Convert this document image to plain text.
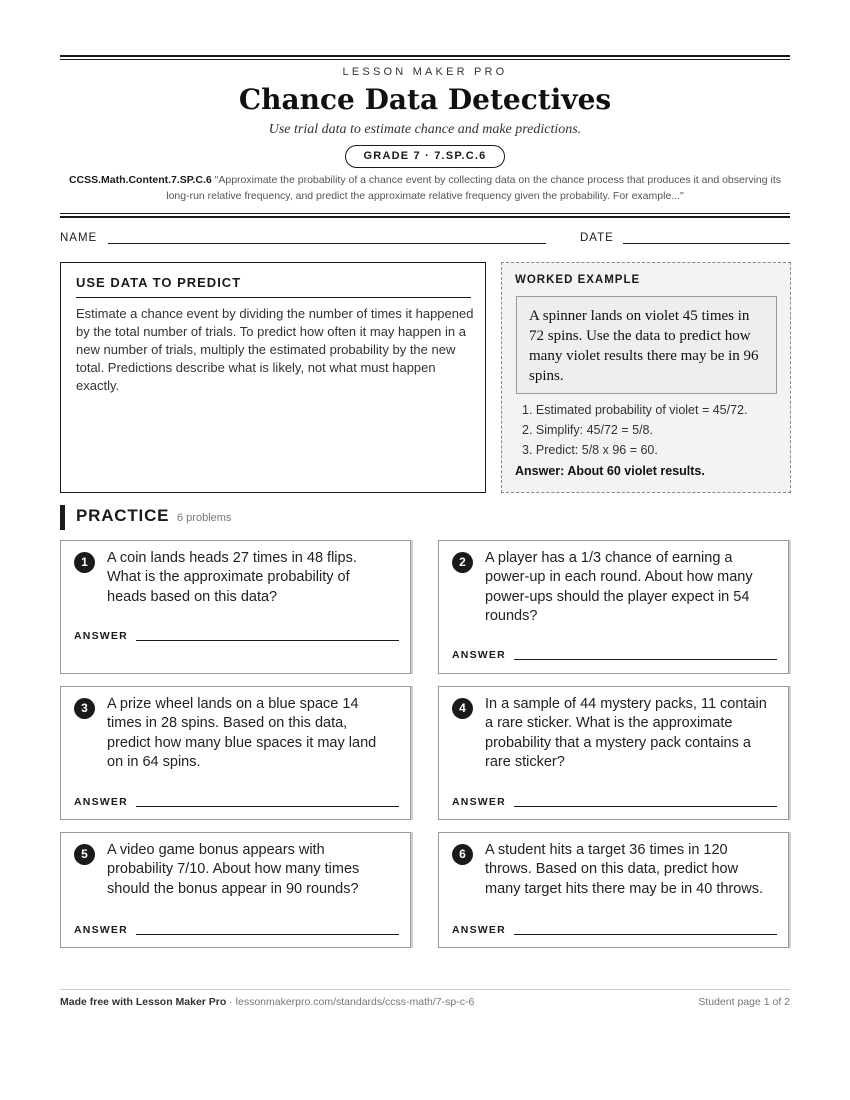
LESSON MAKER PRO
Chance Data Detectives
Use trial data to estimate chance and make predictions.
GRADE 7 · 7.SP.C.6
CCSS.Math.Content.7.SP.C.6 "Approximate the probability of a chance event by collecting data on the chance process that produces it and observing its long-run relative frequency, and predict the approximate relative frequency given the probability. For example..."
NAME	DATE
USE DATA TO PREDICT

Estimate a chance event by dividing the number of times it happened by the total number of trials. To predict how often it may happen in a new number of trials, multiply the estimated probability by the new total. Predictions describe what is likely, not what must happen exactly.

WORKED EXAMPLE
A spinner lands on violet 45 times in 72 spins. Use the data to predict how many violet results there may be in 96 spins.
1. Estimated probability of violet = 45/72.
2. Simplify: 45/72 = 5/8.
3. Predict: 5/8 x 96 = 60.
Answer: About 60 violet results.
PRACTICE 6 problems
1	A coin lands heads 27 times in 48 flips.
What is the approximate probability of
heads based on this data?
ANSWER
2	A player has a 1/3 chance of earning a
power-up in each round. About how many
power-ups should the player expect in 54
rounds?
ANSWER
3	A prize wheel lands on a blue space 14
times in 28 spins. Based on this data,
predict how many blue spaces it may land
on in 64 spins.
ANSWER
4	In a sample of 44 mystery packs, 11 contain
a rare sticker. What is the approximate
probability that a mystery pack contains a
rare sticker?
ANSWER
5	A video game bonus appears with
probability 7/10. About how many times
should the bonus appear in 90 rounds?
ANSWER
6	A student hits a target 36 times in 120
throws. Based on this data, predict how
many target hits there may be in 40 throws.
ANSWER
Made free with Lesson Maker Pro · lessonmakerpro.com/standards/ccss-math/7-sp-c-6	Student page 1 of 2
